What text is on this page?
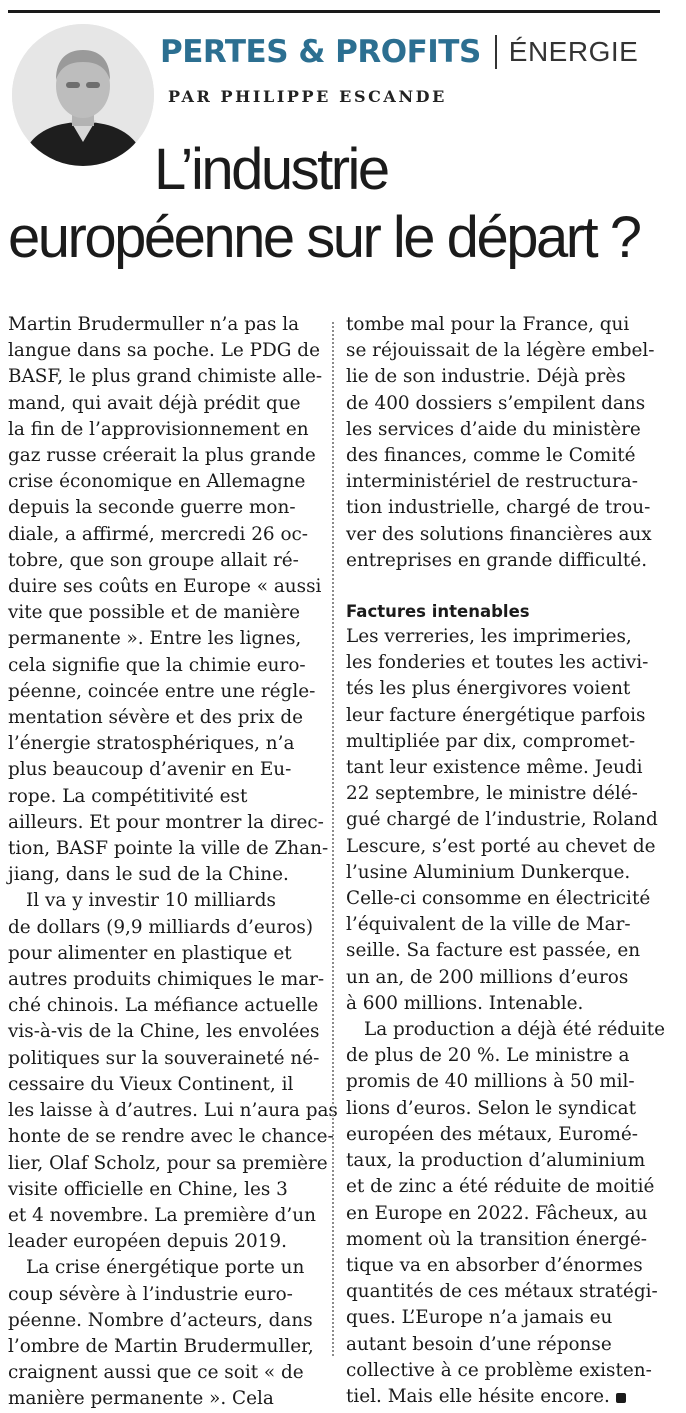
PERTES & PROFITS ÉNERGIE
PAR PHILIPPE ESCANDE
L’industrie
européenne sur le départ ?

Martin Brudermuller n’a pas la
langue dans sa poche. Le PDG de
BASF, le plus grand chimiste alle-
mand, qui avait déjà prédit que
la fin de l’approvisionnement en
gaz russe créerait la plus grande
crise économique en Allemagne
depuis la seconde guerre mon-
diale, a affirmé, mercredi 26 oc-
tobre, que son groupe allait ré-
duire ses coûts en Europe « aussi
vite que possible et de manière
permanente ». Entre les lignes,
cela signifie que la chimie euro-
péenne, coincée entre une régle-
mentation sévère et des prix de
l’énergie stratosphériques, n’a
plus beaucoup d’avenir en Eu-
rope. La compétitivité est
ailleurs. Et pour montrer la direc-
tion, BASF pointe la ville de Zhan-
jiang, dans le sud de la Chine.

Il va y investir 10 milliards
de dollars (9,9 milliards d’euros)
pour alimenter en plastique et
autres produits chimiques le mar-
ché chinois. La méfiance actuelle
vis-à-vis de la Chine, les envolées
politiques sur la souveraineté né-
cessaire du Vieux Continent, il
les laisse à d’autres. Lui n’aura pas
honte de se rendre avec le chance-
lier, Olaf Scholz, pour sa première
visite officielle en Chine, les 3
et 4 novembre. La première d’un
leader européen depuis 2019.

La crise énergétique porte un
coup sévère à l’industrie euro-
péenne. Nombre d’acteurs, dans
l’ombre de Martin Brudermuller,
craignent aussi que ce soit « de
manière permanente ». Cela

tombe mal pour la France, qui
se réjouissait de la légère embel-
lie de son industrie. Déjà près
de 400 dossiers s’empilent dans
les services d’aide du ministère
des finances, comme le Comité
interministériel de restructura-
tion industrielle, chargé de trou-
ver des solutions financières aux
entreprises en grande difficulté.

Factures intenables

Les verreries, les imprimeries,
les fonderies et toutes les activi-
tés les plus énergivores voient
leur facture énergétique parfois
multipliée par dix, compromet-
tant leur existence même. Jeudi
22 septembre, le ministre délé-
gué chargé de l’industrie, Roland
Lescure, s’est porté au chevet de
l’usine Aluminium Dunkerque.
Celle-ci consomme en électricité
l’équivalent de la ville de Mar-
seille. Sa facture est passée, en
un an, de 200 millions d’euros
à 600 millions. Intenable.

La production a déjà été réduite
de plus de 20 %. Le ministre a
promis de 40 millions à 50 mil-
lions d’euros. Selon le syndicat
européen des métaux, Euromé-
taux, la production d’aluminium
et de zinc a été réduite de moitié
en Europe en 2022. Fâcheux, au
moment où la transition énergé-
tique va en absorber d’énormes
quantités de ces métaux stratégi-
ques. L’Europe n’a jamais eu
autant besoin d’une réponse
collective à ce problème existen-
tiel. Mais elle hésite encore.
